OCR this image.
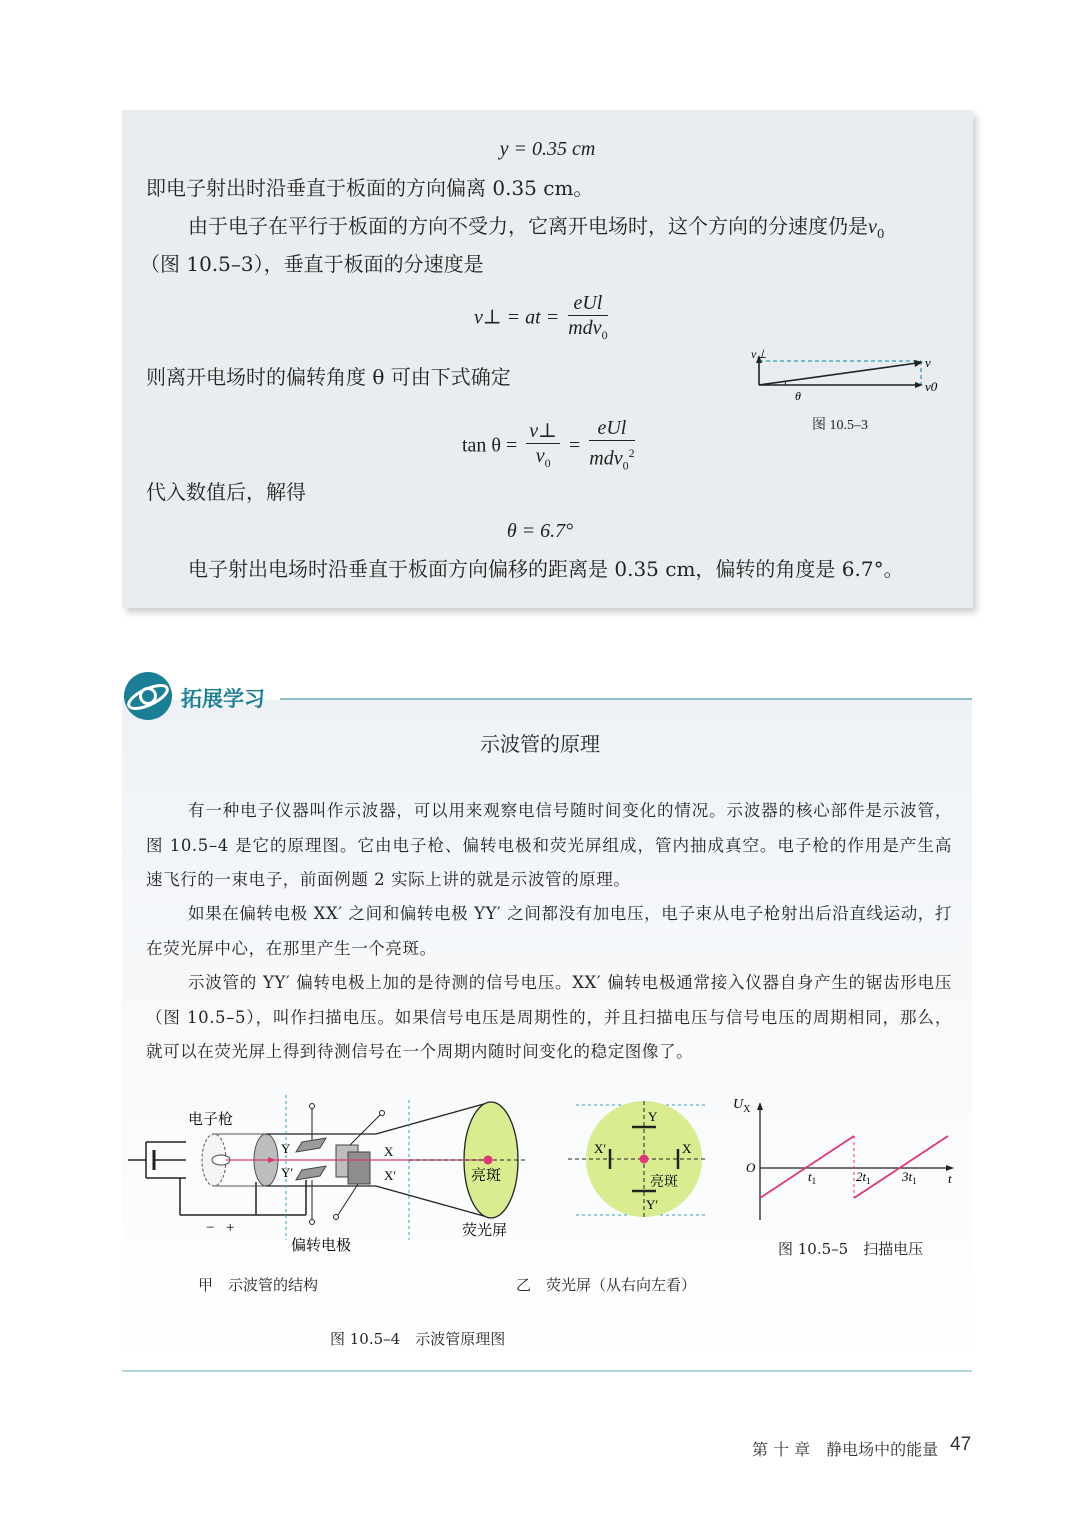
y = 0.35 cm
即电子射出时沿垂直于板面的方向偏离 0.35 cm。
由于电子在平行于板面的方向不受力，它离开电场时，这个方向的分速度仍是$v_0$
（图 10.5–3），垂直于板面的分速度是
v⊥ = at = $\frac{\text{eUl}}{mdv_0}$
则离开电场时的偏转角度 θ 可由下式确定
$\tan \theta = \frac{v\perp}{v_0} = \frac{\text{eUl}}{mdv_0^2}$
代入数值后，解得
θ = 6.7°
电子射出电场时沿垂直于板面方向偏移的距离是 0.35 cm，偏转的角度是 6.7°。
v⊥
v
v0
θ
图 10.5–3
拓展学习
示波管的原理
有一种电子仪器叫作示波器，可以用来观察电信号随时间变化的情况。示波器的核心部件是示波管，图 10.5–4 是它的原理图。它由电子枪、偏转电极和荧光屏组成，管内抽成真空。电子枪的作用是产生高速飞行的一束电子，前面例题 2 实际上讲的就是示波管的原理。
如果在偏转电极 XX′ 之间和偏转电极 YY′ 之间都没有加电压，电子束从电子枪射出后沿直线运动，打在荧光屏中心，在那里产生一个亮斑。
示波管的 YY′ 偏转电极上加的是待测的信号电压。XX′ 偏转电极通常接入仪器自身产生的锯齿形电压（图 10.5–5），叫作扫描电压。如果信号电压是周期性的，并且扫描电压与信号电压的周期相同，那么，就可以在荧光屏上得到待测信号在一个周期内随时间变化的稳定图像了。
电子枪
Y
Y′
X
X′	亮斑
荧光屏
偏转电极
− +
甲　示波管的结构
Y
Y′
X
X′
亮斑
乙　荧光屏（从右向左看）
$U_X$
O
t
$t_1$	$2t_1$ $3t_1$
图 10.5–5　扫描电压
图 10.5–4　示波管原理图
第 十 章　静电场中的能量 47
